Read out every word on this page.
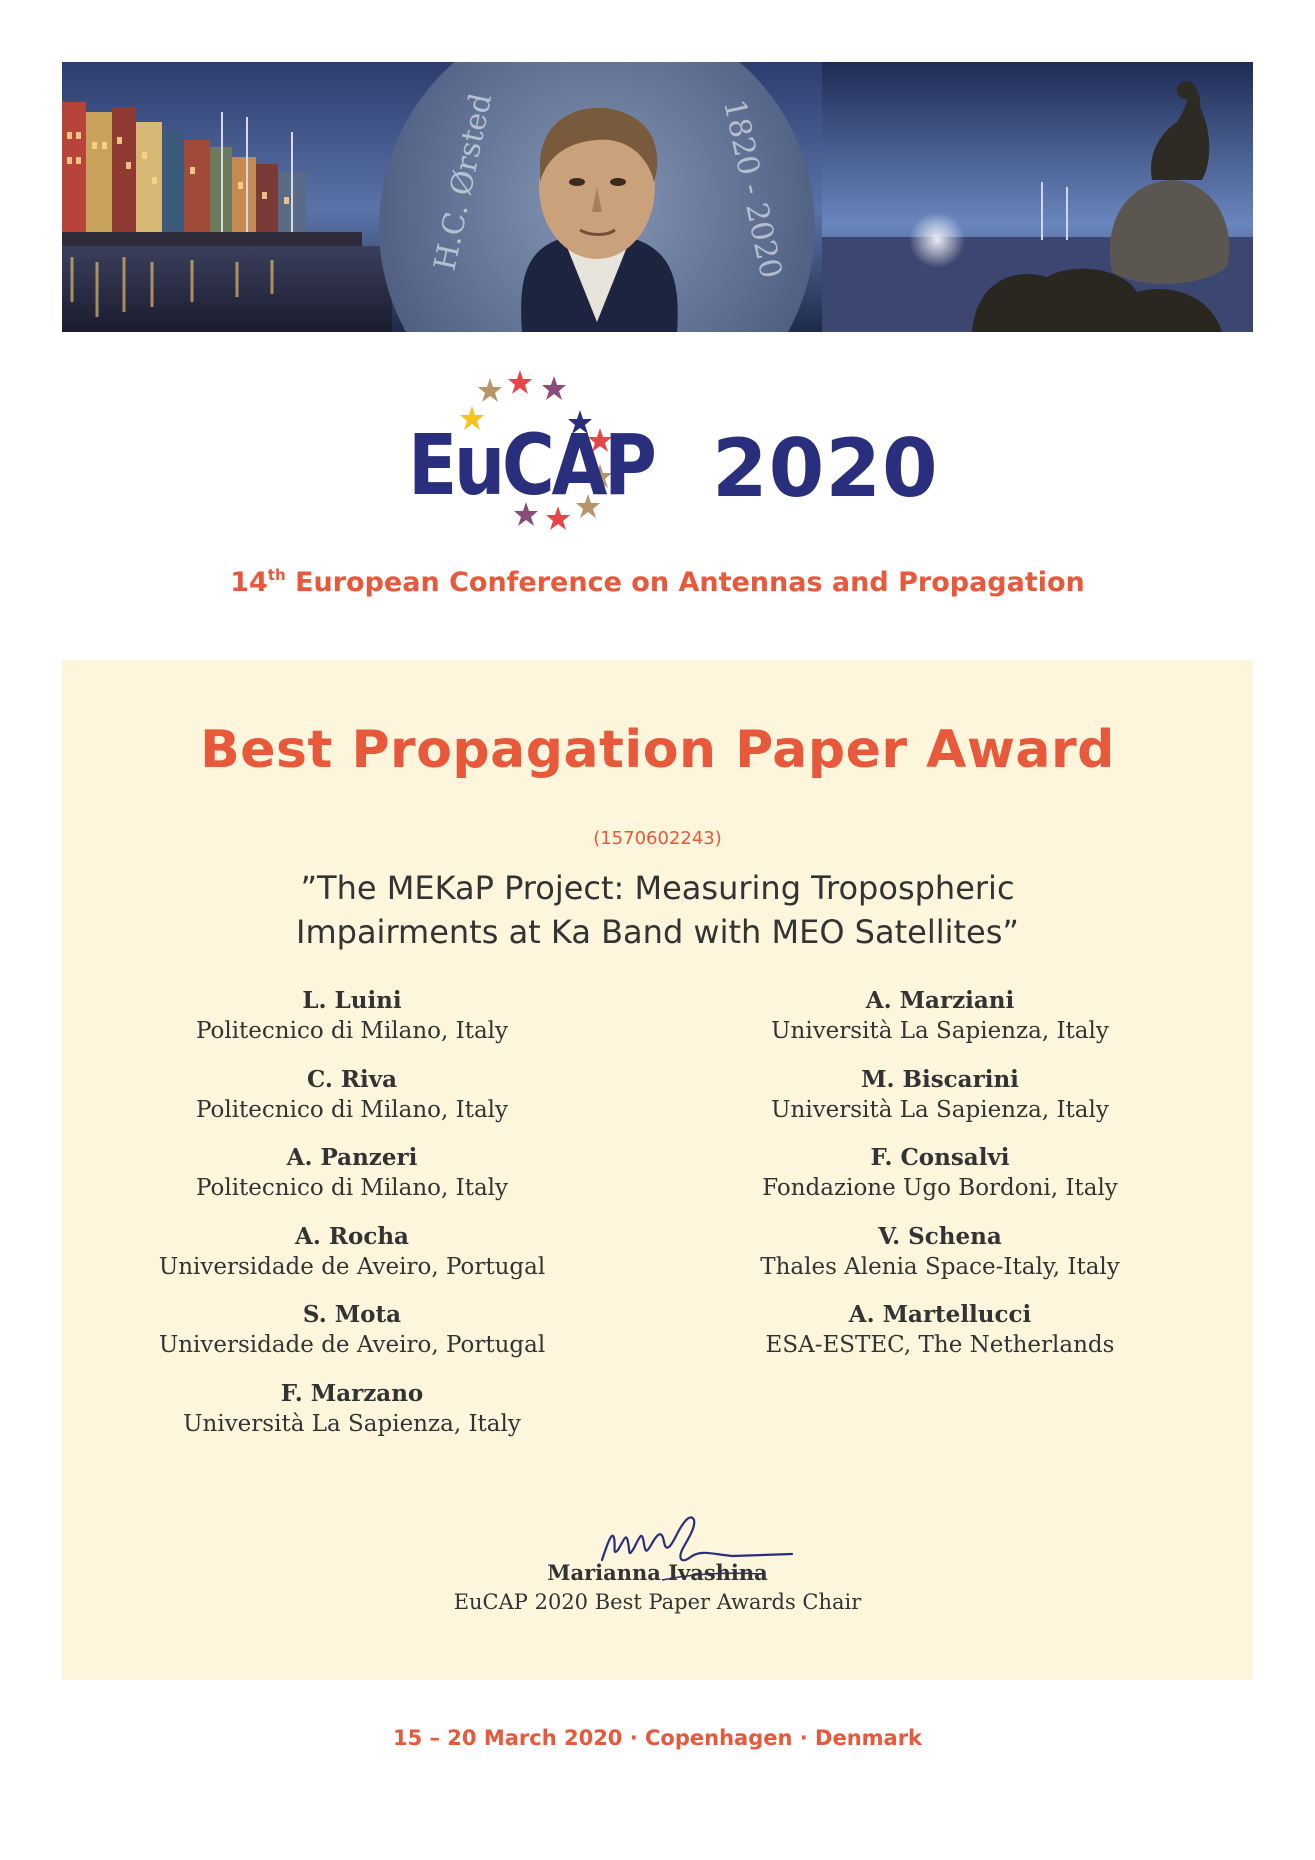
H.C. Ørsted	1820 - 2020
EuCAP 2020
14th European Conference on Antennas and Propagation
Best Propagation Paper Award
(1570602243)
”The MEKaP Project: Measuring Tropospheric
Impairments at Ka Band with MEO Satellites”
L. Luini
Politecnico di Milano, Italy
C. Riva
Politecnico di Milano, Italy
A. Panzeri
Politecnico di Milano, Italy
A. Rocha
Universidade de Aveiro, Portugal
S. Mota
Universidade de Aveiro, Portugal
F. Marzano
Università La Sapienza, Italy
A. Marziani
Università La Sapienza, Italy
M. Biscarini
Università La Sapienza, Italy
F. Consalvi
Fondazione Ugo Bordoni, Italy
V. Schena
Thales Alenia Space-Italy, Italy
A. Martellucci
ESA-ESTEC, The Netherlands
Marianna Ivashina
EuCAP 2020 Best Paper Awards Chair
15 – 20 March 2020 · Copenhagen · Denmark
